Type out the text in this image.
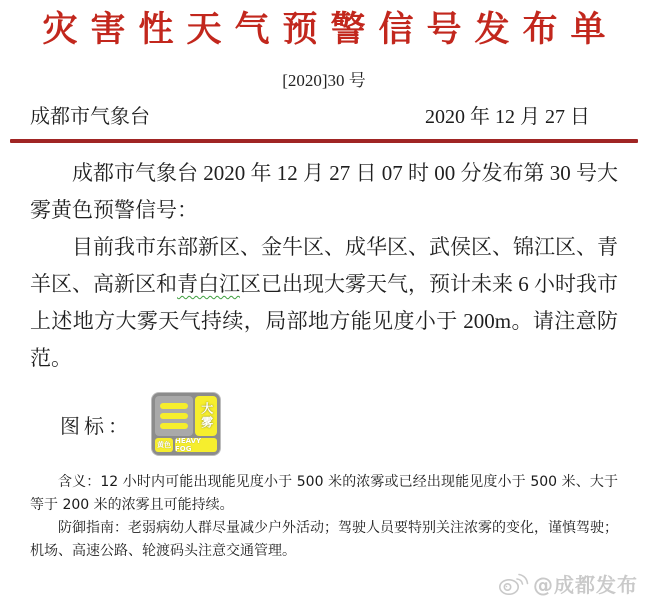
灾害性天气预警信号发布单
[2020]30 号
成都市气象台	2020 年 12 月 27 日

成都市气象台 2020 年 12 月 27 日 07 时 00 分发布第 30 号大雾黄色预警信号：

目前我市东部新区、金牛区、成华区、武侯区、锦江区、青羊区、高新区和青白江区已出现大雾天气，预计未来 6 小时我市上述地方大雾天气持续，局部地方能见度小于 200m。请注意防范。

图标：	大雾
黄色 HEAVY FOG

含义：12 小时内可能出现能见度小于 500 米的浓雾或已经出现能见度小于 500 米、大于等于 200 米的浓雾且可能持续。

防御指南：老弱病幼人群尽量减少户外活动；驾驶人员要特别关注浓雾的变化，谨慎驾驶；机场、高速公路、轮渡码头注意交通管理。

@成都发布
